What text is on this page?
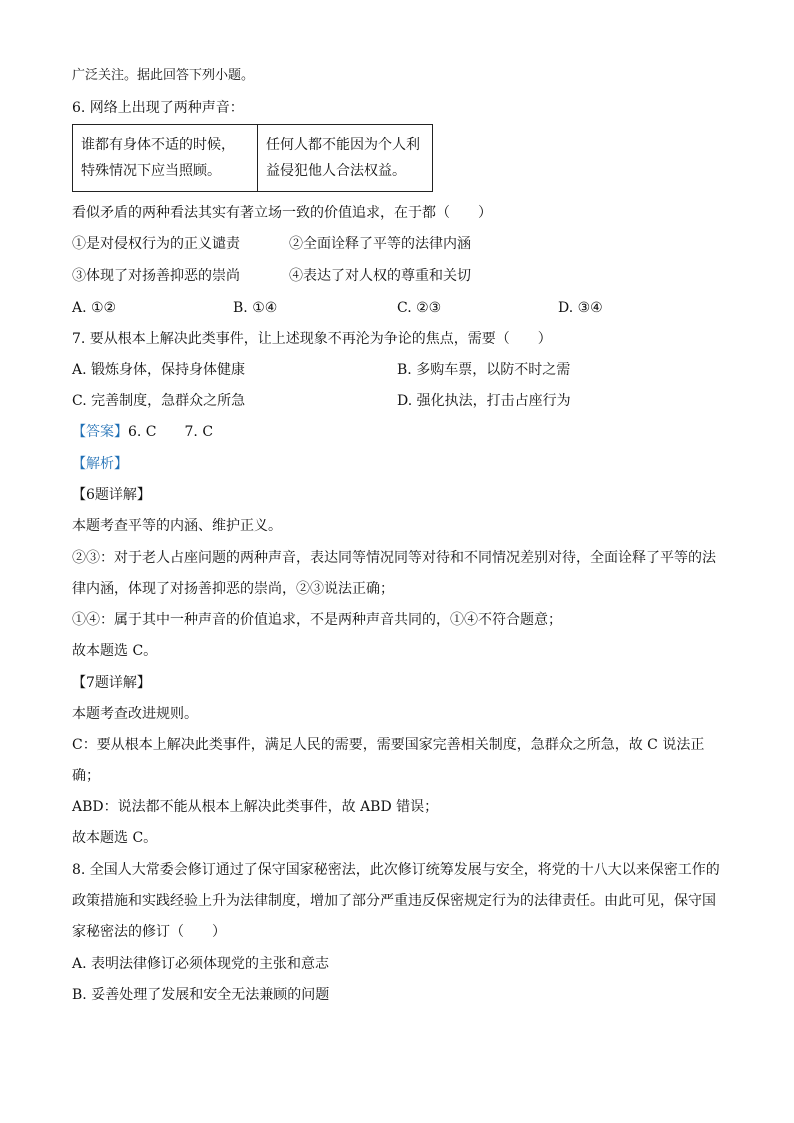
广泛关注。据此回答下列小题。
6. 网络上出现了两种声音：
谁都有身体不适的时候，
特殊情况下应当照顾。

任何人都不能因为个人利
益侵犯他人合法权益。
看似矛盾的两种看法其实有著立场一致的价值追求，在于都（　　）
①是对侵权行为的正义谴责	②全面诠释了平等的法律内涵
③体现了对扬善抑恶的崇尚	④表达了对人权的尊重和关切
A. ①②	B. ①④	C. ②③	D. ③④
7. 要从根本上解决此类事件，让上述现象不再沦为争论的焦点，需要（　　）
A. 锻炼身体，保持身体健康	B. 多购车票，以防不时之需
C. 完善制度，急群众之所急	D. 强化执法，打击占座行为
【答案】6. C　　7. C
【解析】
【6题详解】
本题考查平等的内涵、维护正义。
②③：对于老人占座问题的两种声音，表达同等情况同等对待和不同情况差别对待，全面诠释了平等的法
律内涵，体现了对扬善抑恶的崇尚，②③说法正确；
①④：属于其中一种声音的价值追求，不是两种声音共同的，①④不符合题意；
故本题选 C。
【7题详解】
本题考查改进规则。
C：要从根本上解决此类事件，满足人民的需要，需要国家完善相关制度，急群众之所急，故 C 说法正
确；
ABD：说法都不能从根本上解决此类事件，故 ABD 错误；
故本题选 C。
8. 全国人大常委会修订通过了保守国家秘密法，此次修订统筹发展与安全，将党的十八大以来保密工作的
政策措施和实践经验上升为法律制度，增加了部分严重违反保密规定行为的法律责任。由此可见，保守国
家秘密法的修订（　　）
A. 表明法律修订必须体现党的主张和意志
B. 妥善处理了发展和安全无法兼顾的问题
